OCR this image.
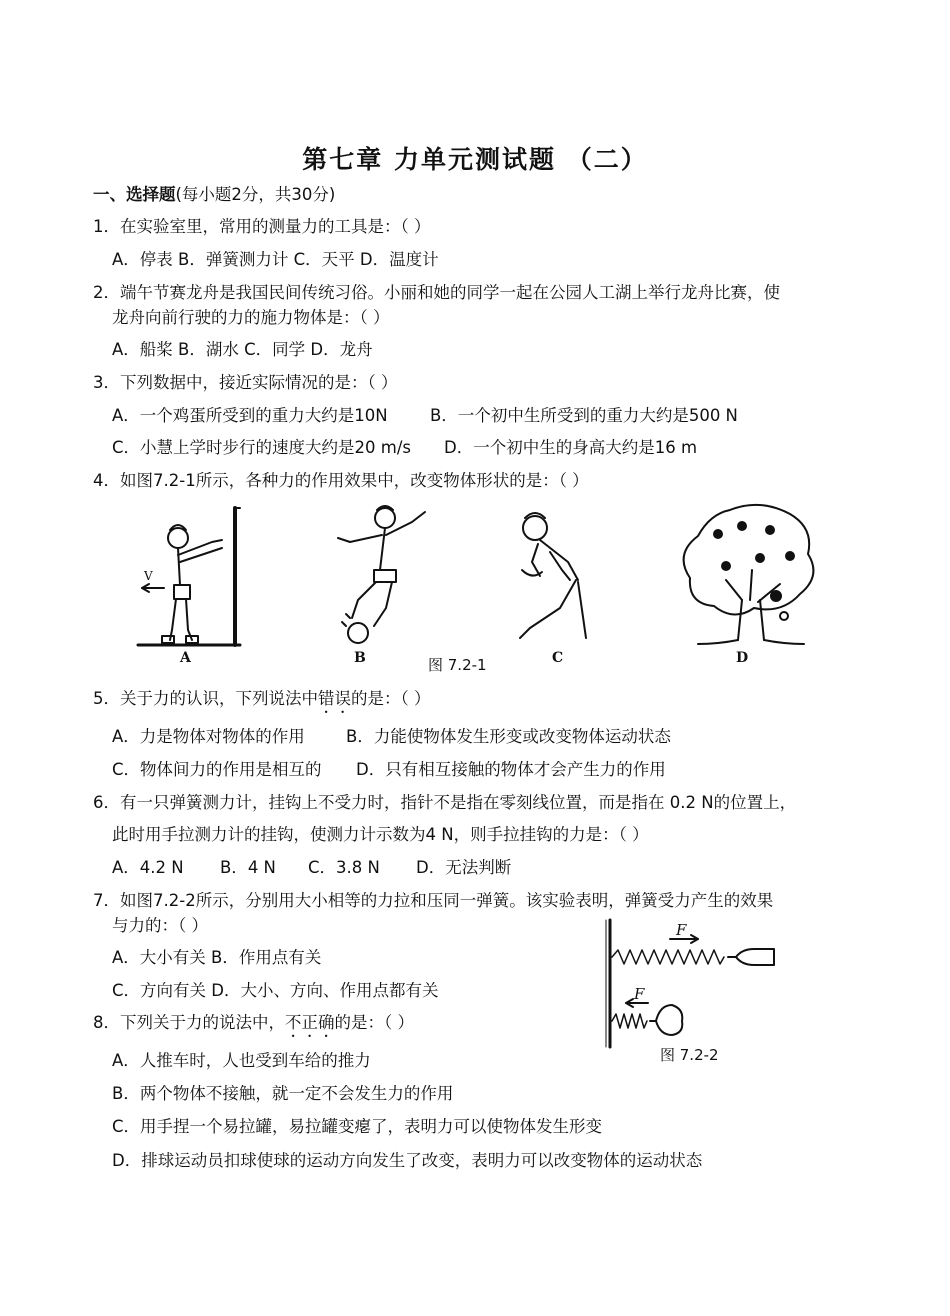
第七章 力单元测试题 （二）
一、选择题(每小题2分，共30分)
1．在实验室里，常用的测量力的工具是：（ ）
A．停表 B．弹簧测力计 C．天平 D．温度计
2．端午节赛龙舟是我国民间传统习俗。小丽和她的同学一起在公园人工湖上举行龙舟比赛，使
龙舟向前行驶的力的施力物体是：（ ）
A．船桨 B．湖水 C．同学 D．龙舟
3．下列数据中，接近实际情况的是：（ ）
A．一个鸡蛋所受到的重力大约是10N	B．一个初中生所受到的重力大约是500 N
C．小慧上学时步行的速度大约是20 m/s D．一个初中生的身高大约是16 m
4．如图7.2-1所示，各种力的作用效果中，改变物体形状的是：（ ）
V
A	B	C	D
图 7.2-1
5．关于力的认识，下列说法中错误的是：（ ）
A．力是物体对物体的作用 B．力能使物体发生形变或改变物体运动状态
C．物体间力的作用是相互的 D．只有相互接触的物体才会产生力的作用
6．有一只弹簧测力计，挂钩上不受力时，指针不是指在零刻线位置，而是指在 0.2 N的位置上，
此时用手拉测力计的挂钩，使测力计示数为4 N，则手拉挂钩的力是：（ ）
A．4.2 N B．4 N C．3.8 N D．无法判断
7．如图7.2-2所示，分别用大小相等的力拉和压同一弹簧。该实验表明，弹簧受力产生的效果
与力的：（ ）
A．大小有关 B．作用点有关
C．方向有关 D．大小、方向、作用点都有关
F
F
图 7.2-2
8．下列关于力的说法中，不正确的是：（ ）
A．人推车时，人也受到车给的推力
B．两个物体不接触，就一定不会发生力的作用
C．用手捏一个易拉罐，易拉罐变瘪了，表明力可以使物体发生形变
D．排球运动员扣球使球的运动方向发生了改变，表明力可以改变物体的运动状态
